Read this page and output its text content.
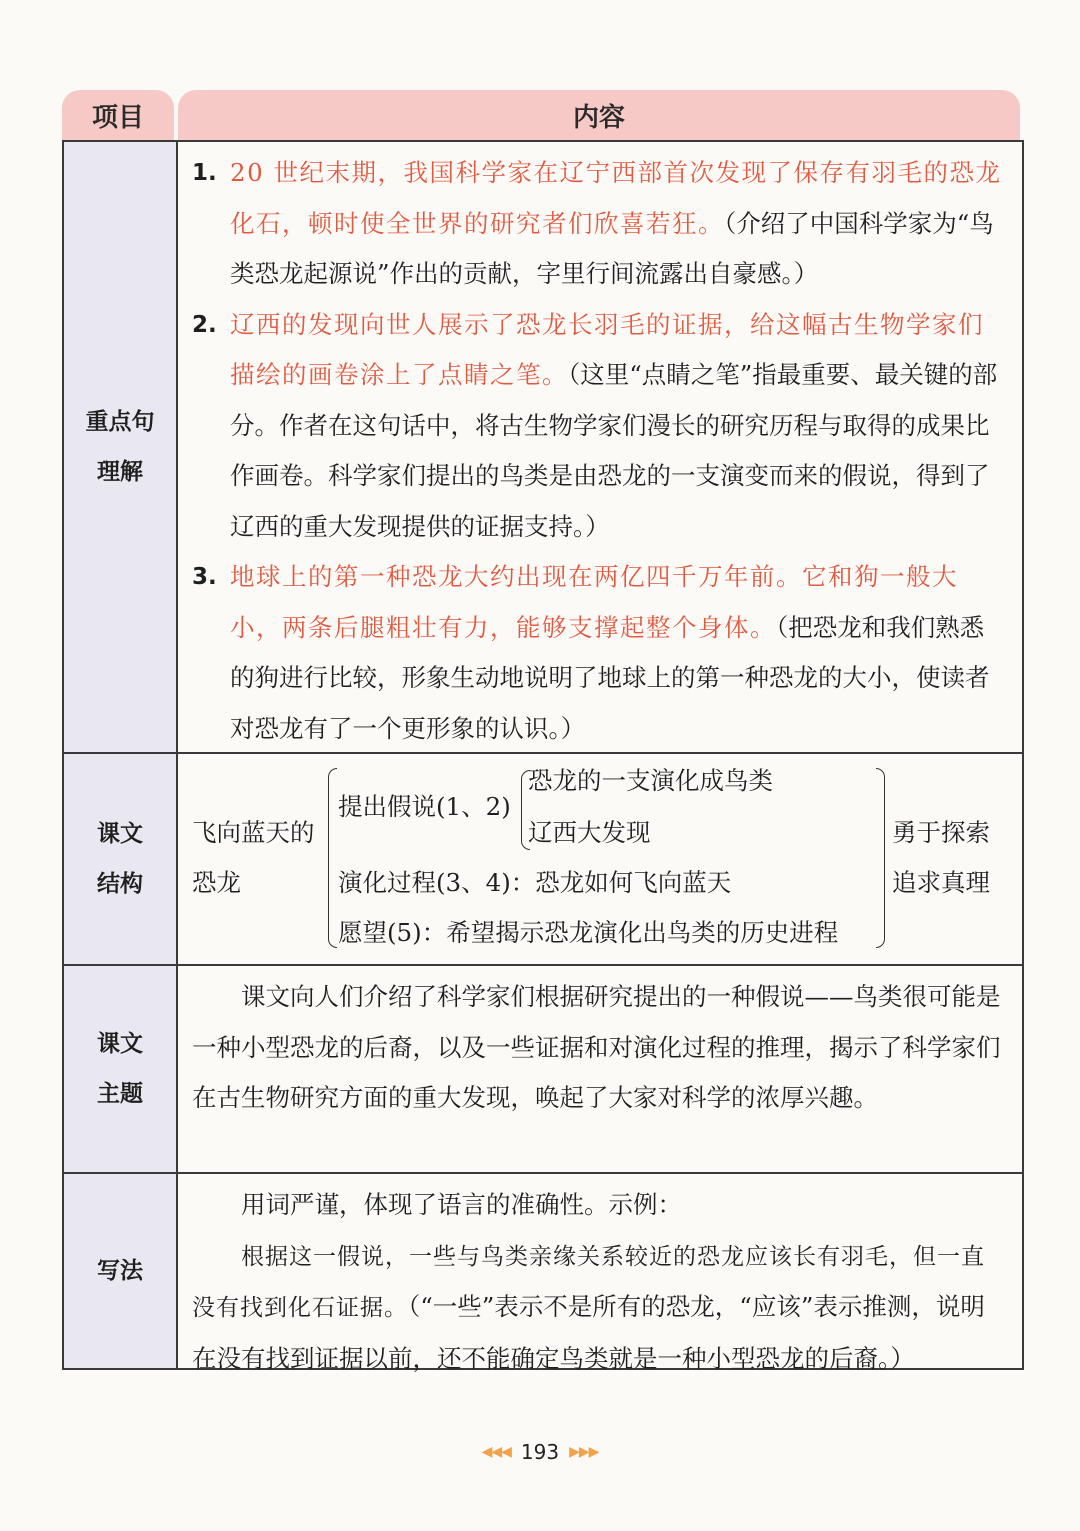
项目	内容
重点句
理解
1. 20 世纪末期，我国科学家在辽宁西部首次发现了保存有羽毛的恐龙化石，顿时使全世界的研究者们欣喜若狂。（介绍了中国科学家为“鸟类恐龙起源说”作出的贡献，字里行间流露出自豪感。）
2. 辽西的发现向世人展示了恐龙长羽毛的证据，给这幅古生物学家们描绘的画卷涂上了点睛之笔。（这里“点睛之笔”指最重要、最关键的部分。作者在这句话中，将古生物学家们漫长的研究历程与取得的成果比作画卷。科学家们提出的鸟类是由恐龙的一支演变而来的假说，得到了辽西的重大发现提供的证据支持。）
3. 地球上的第一种恐龙大约出现在两亿四千万年前。它和狗一般大小，两条后腿粗壮有力，能够支撑起整个身体。（把恐龙和我们熟悉的狗进行比较，形象生动地说明了地球上的第一种恐龙的大小，使读者对恐龙有了一个更形象的认识。）
课文
结构
飞向蓝天的
恐龙
提出假说(1、2)
恐龙的一支演化成鸟类
辽西大发现
演化过程(3、4)：恐龙如何飞向蓝天
愿望(5)：希望揭示恐龙演化出鸟类的历史进程
勇于探索
追求真理
课文
主题
课文向人们介绍了科学家们根据研究提出的一种假说——鸟类很可能是一种小型恐龙的后裔，以及一些证据和对演化过程的推理，揭示了科学家们在古生物研究方面的重大发现，唤起了大家对科学的浓厚兴趣。
写法
用词严谨，体现了语言的准确性。示例：
根据这一假说，一些与鸟类亲缘关系较近的恐龙应该长有羽毛，但一直没有找到化石证据。（“一些”表示不是所有的恐龙，“应该”表示推测，说明在没有找到证据以前，还不能确定鸟类就是一种小型恐龙的后裔。）
◀◀◀ 193 ▶▶▶
